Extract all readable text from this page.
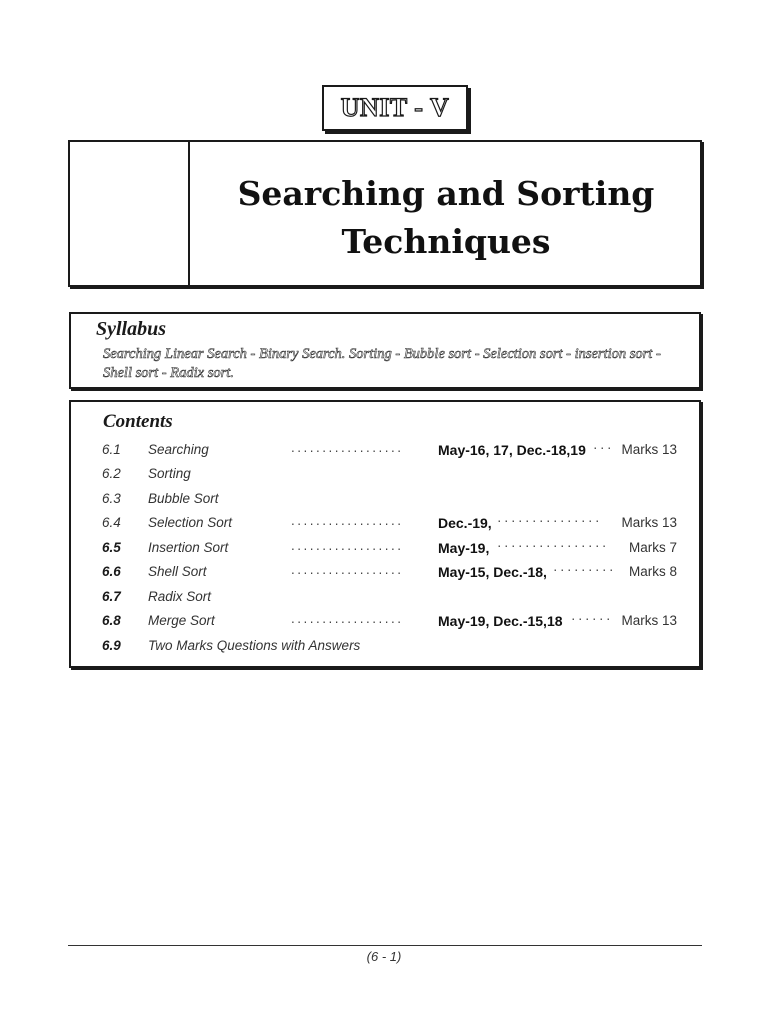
UNIT - V
Searching and Sorting
Techniques
Syllabus
Searching Linear Search - Binary Search. Sorting - Bubble sort - Selection sort - insertion sort - Shell sort - Radix sort.
Contents
6.1 Searching	.................. May-16, 17, Dec.-18,19 ··· Marks 13
6.2 Sorting
6.3 Bubble Sort
6.4 Selection Sort	.................. Dec.-19, ··············· Marks 13
6.5 Insertion Sort	.................. May-19, ················ Marks 7
6.6 Shell Sort	.................. May-15, Dec.-18, ········· Marks 8
6.7 Radix Sort
6.8 Merge Sort	.................. May-19, Dec.-15,18 ······ Marks 13
6.9 Two Marks Questions with Answers
(6 - 1)
